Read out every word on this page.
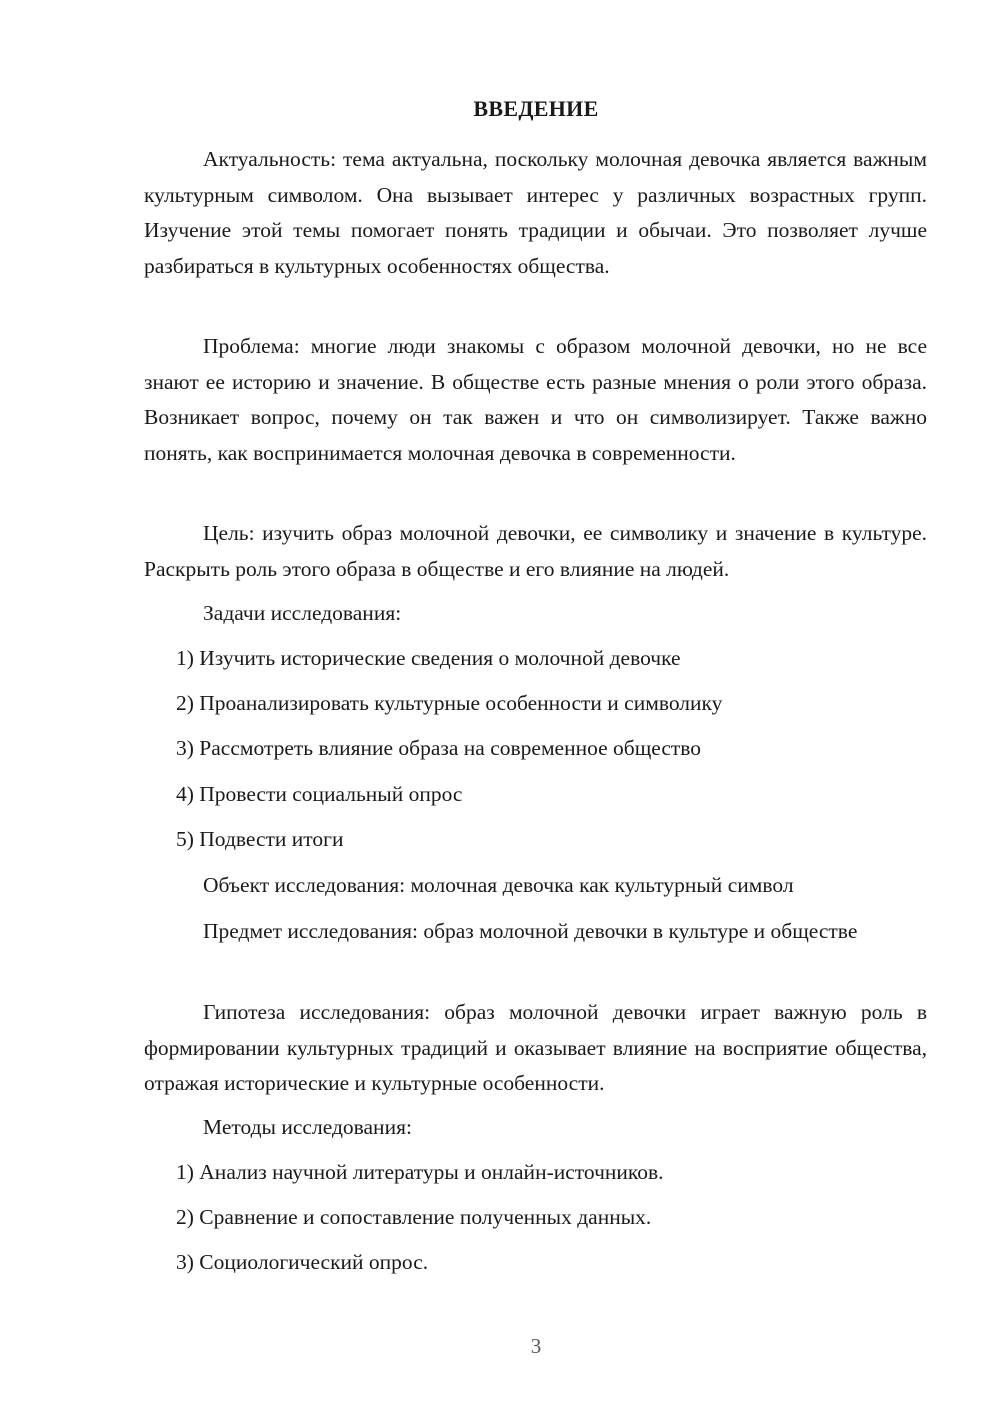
ВВЕДЕНИЕ

Актуальность: тема актуальна, поскольку молочная девочка является важным культурным символом. Она вызывает интерес у различных возрастных групп. Изучение этой темы помогает понять традиции и обычаи. Это позволяет лучше разбираться в культурных особенностях общества.

Проблема: многие люди знакомы с образом молочной девочки, но не все знают ее историю и значение. В обществе есть разные мнения о роли этого образа. Возникает вопрос, почему он так важен и что он символизирует. Также важно понять, как воспринимается молочная девочка в современности.

Цель: изучить образ молочной девочки, ее символику и значение в культуре. Раскрыть роль этого образа в обществе и его влияние на людей.

Задачи исследования:

1) Изучить исторические сведения о молочной девочке

2) Проанализировать культурные особенности и символику

3) Рассмотреть влияние образа на современное общество

4) Провести социальный опрос

5) Подвести итоги

Объект исследования: молочная девочка как культурный символ

Предмет исследования: образ молочной девочки в культуре и обществе

Гипотеза исследования: образ молочной девочки играет важную роль в формировании культурных традиций и оказывает влияние на восприятие общества, отражая исторические и культурные особенности.

Методы исследования:

1) Анализ научной литературы и онлайн-источников.

2) Сравнение и сопоставление полученных данных.

3) Социологический опрос.

3
